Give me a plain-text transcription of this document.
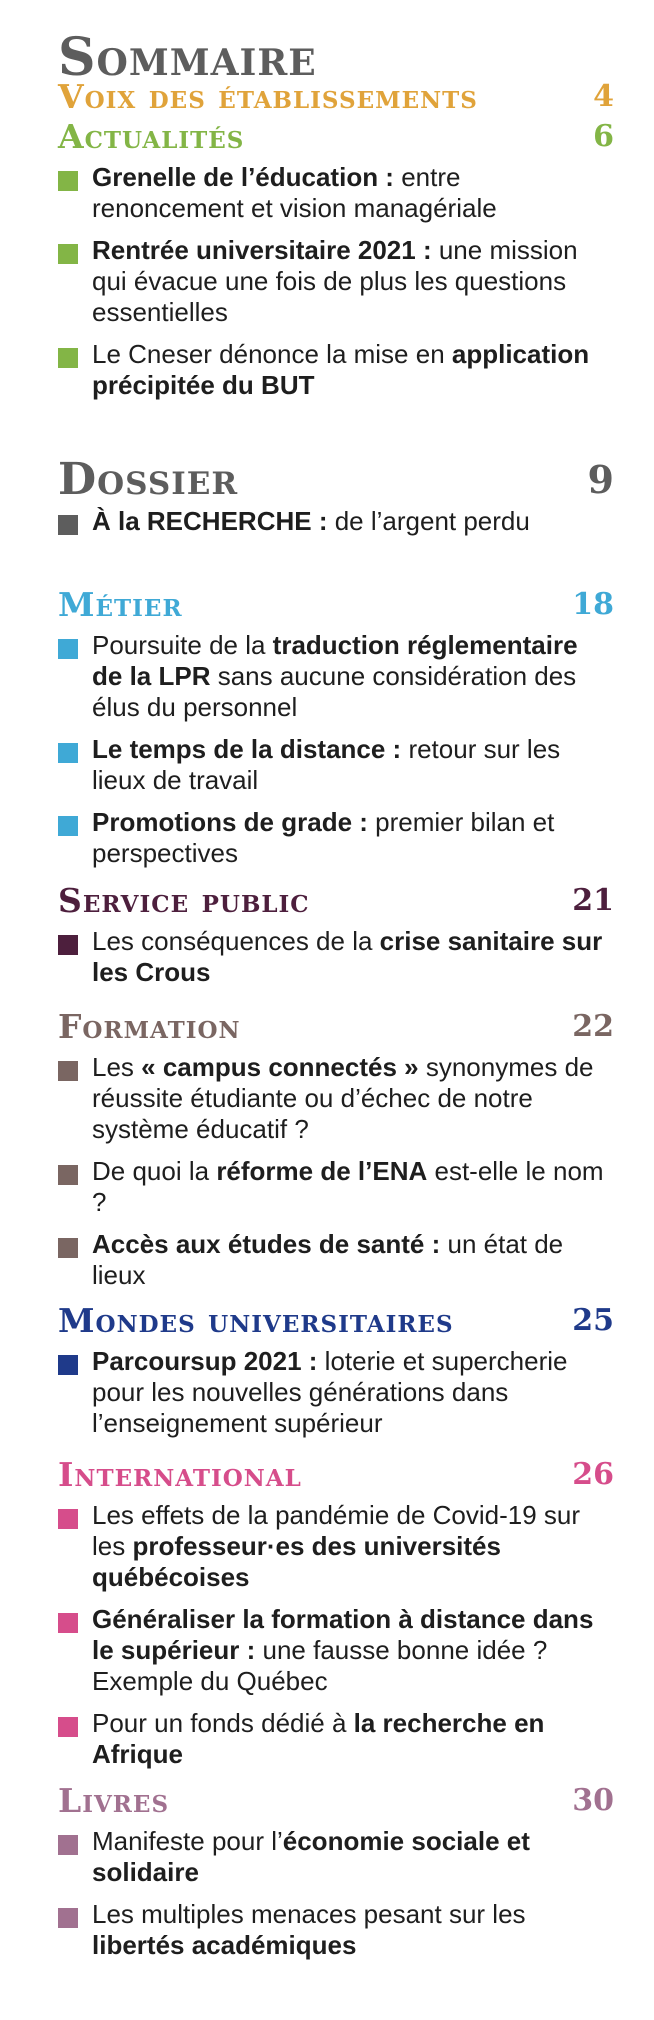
Sommaire
Voix des établissements	4
Actualités	6
Grenelle de l’éducation : entre renoncement et vision managériale
Rentrée universitaire 2021 : une mission qui évacue une fois de plus les questions essentielles
Le Cneser dénonce la mise en application précipitée du BUT
Dossier	9
À la RECHERCHE : de l’argent perdu
Métier	18
Poursuite de la traduction réglementaire de la LPR sans aucune considération des élus du personnel
Le temps de la distance : retour sur les lieux de travail
Promotions de grade : premier bilan et perspectives
Service public	21
Les conséquences de la crise sanitaire sur les Crous
Formation	22
Les « campus connectés » synonymes de réussite étudiante ou d’échec de notre système éducatif ?
De quoi la réforme de l’ENA est-elle le nom ?
Accès aux études de santé : un état de lieux
Mondes universitaires	25
Parcoursup 2021 : loterie et supercherie pour les nouvelles générations dans l’enseignement supérieur
International	26
Les effets de la pandémie de Covid-19 sur les professeur·es des universités québécoises
Généraliser la formation à distance dans le supérieur : une fausse bonne idée ? Exemple du Québec
Pour un fonds dédié à la recherche en Afrique
Livres	30
Manifeste pour l’économie sociale et solidaire
Les multiples menaces pesant sur les libertés académiques
